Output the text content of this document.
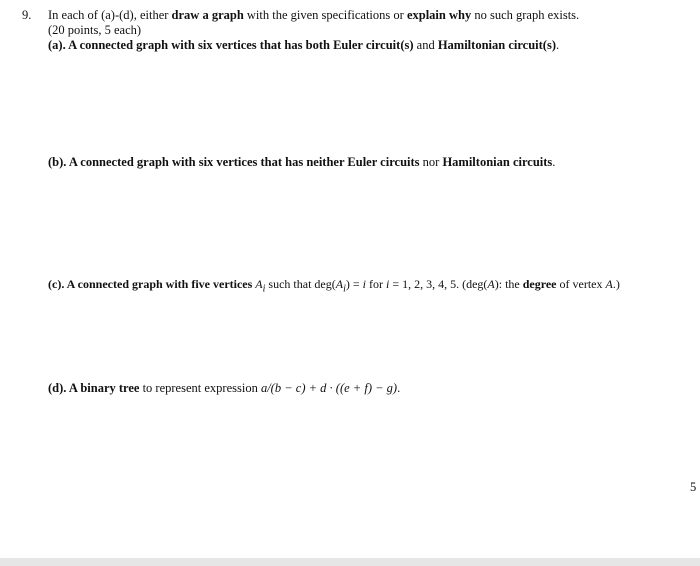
9. In each of (a)-(d), either draw a graph with the given specifications or explain why no such graph exists.
(20 points, 5 each)
(a). A connected graph with six vertices that has both Euler circuit(s) and Hamiltonian circuit(s).
(b). A connected graph with six vertices that has neither Euler circuits nor Hamiltonian circuits.
(c). A connected graph with five vertices $A_i$ such that $deg(A_i) = i$ for i = 1, 2, 3, 4, 5. (deg(A): the degree of vertex A.)
(d). A binary tree to represent expression a/(b − c) + d · ((e + f) − g).
5
